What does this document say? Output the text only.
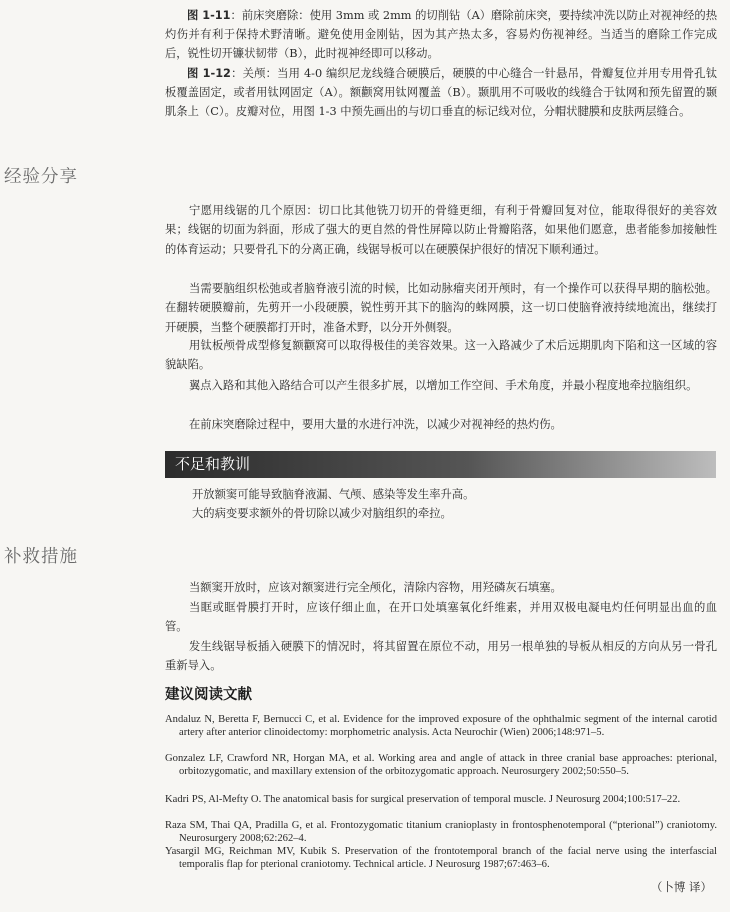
图 1-11：前床突磨除：使用 3mm 或 2mm 的切削钻（A）磨除前床突，要持续冲洗以防止对视神经的热灼伤并有利于保持术野清晰。避免使用金刚钻，因为其产热太多，容易灼伤视神经。当适当的磨除工作完成后，锐性切开镰状韧带（B），此时视神经即可以移动。

图 1-12：关颅：当用 4-0 编织尼龙线缝合硬膜后，硬膜的中心缝合一针悬吊，骨瓣复位并用专用骨孔钛板覆盖固定，或者用钛网固定（A）。额颧窝用钛网覆盖（B）。颞肌用不可吸收的线缝合于钛网和预先留置的颞肌条上（C）。皮瓣对位，用图 1-3 中预先画出的与切口垂直的标记线对位，分帽状腱膜和皮肤两层缝合。

经验分享

宁愿用线锯的几个原因：切口比其他铣刀切开的骨缝更细，有利于骨瓣回复对位，能取得很好的美容效果；线锯的切面为斜面，形成了强大的更自然的骨性屏障以防止骨瓣陷落，如果他们愿意，患者能参加接触性的体育运动；只要骨孔下的分离正确，线锯导板可以在硬膜保护很好的情况下顺利通过。

当需要脑组织松弛或者脑脊液引流的时候，比如动脉瘤夹闭开颅时，有一个操作可以获得早期的脑松弛。在翻转硬膜瓣前，先剪开一小段硬膜，锐性剪开其下的脑沟的蛛网膜，这一切口使脑脊液持续地流出，继续打开硬膜，当整个硬膜都打开时，准备术野，以分开外侧裂。

用钛板颅骨成型修复额颧窝可以取得极佳的美容效果。这一入路减少了术后远期肌肉下陷和这一区域的容貌缺陷。

翼点入路和其他入路结合可以产生很多扩展，以增加工作空间、手术角度，并最小程度地牵拉脑组织。

在前床突磨除过程中，要用大量的水进行冲洗，以减少对视神经的热灼伤。

不足和教训
开放额窦可能导致脑脊液漏、气颅、感染等发生率升高。
大的病变要求额外的骨切除以减少对脑组织的牵拉。
补救措施

当额窦开放时，应该对额窦进行完全颅化，清除内容物，用羟磷灰石填塞。

当眶或眶骨膜打开时，应该仔细止血，在开口处填塞氧化纤维素，并用双极电凝电灼任何明显出血的血管。

发生线锯导板插入硬膜下的情况时，将其留置在原位不动，用另一根单独的导板从相反的方向从另一骨孔重新导入。

建议阅读文献

Andaluz N, Beretta F, Bernucci C, et al. Evidence for the improved exposure of the ophthalmic segment of the internal carotid artery after anterior clinoidectomy: morphometric analysis. Acta Neurochir (Wien) 2006;148:971–5.

Gonzalez LF, Crawford NR, Horgan MA, et al. Working area and angle of attack in three cranial base approaches: pterional, orbitozygomatic, and maxillary extension of the orbitozygomatic approach. Neurosurgery 2002;50:550–5.

Kadri PS, Al-Mefty O. The anatomical basis for surgical preservation of temporal muscle. J Neurosurg 2004;100:517–22.

Raza SM, Thai QA, Pradilla G, et al. Frontozygomatic titanium cranioplasty in frontosphenotemporal (“pterional”) craniotomy. Neurosurgery 2008;62:262–4.

Yasargil MG, Reichman MV, Kubik S. Preservation of the frontotemporal branch of the facial nerve using the interfascial temporalis flap for pterional craniotomy. Technical article. J Neurosurg 1987;67:463–6.

（卜博 译）
